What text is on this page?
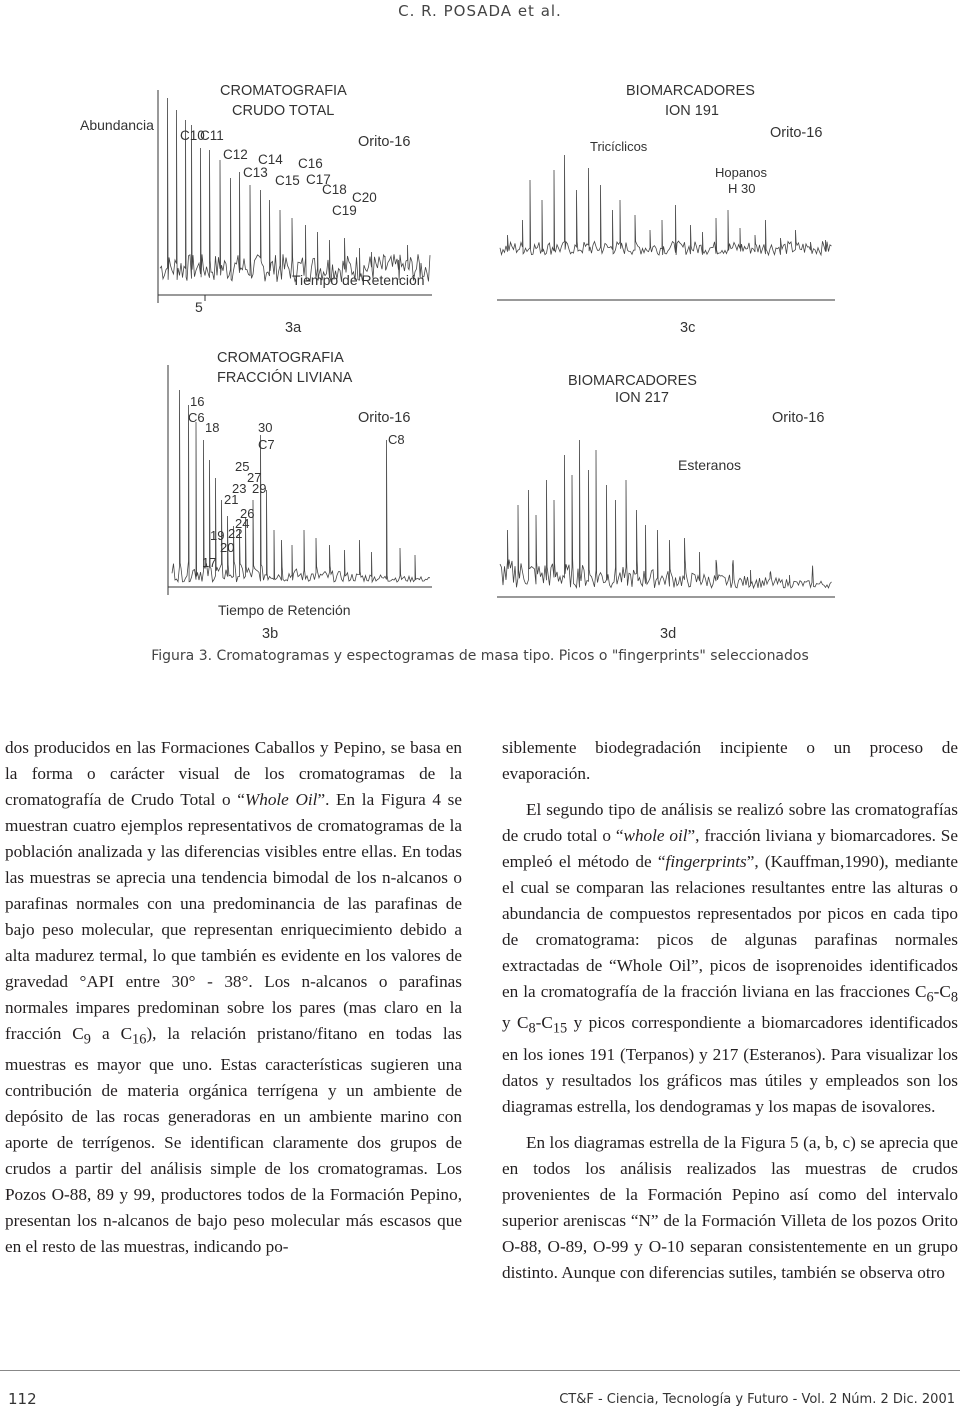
C. R. POSADA et al.
Abundancia
CROMATOGRAFIA
CRUDO TOTAL
Orito-16
Tiempo de Retención
5
3a
C10
C11
C12
C13
C14
C15
C16
C17
C18
C19
C20
BIOMARCADORES
ION 191
Orito-16
Tricíclicos
Hopanos
H 30
3c
CROMATOGRAFIA
FRACCIÓN LIVIANA
Orito-16
Tiempo de Retención
3b
16
C6
18	30
C7	C8
25
27
23 29
21
26
24
22
19
20
17
BIOMARCADORES
ION 217
Orito-16
Esteranos
3d
Figura 3. Cromatogramas y espectogramas de masa tipo. Picos o "fingerprints" seleccionados

dos producidos en las Formaciones Caballos y Pepino, se basa en la forma o carácter visual de los cromatogramas de la cromatografía de Crudo Total o “Whole Oil”. En la Figura 4 se muestran cuatro ejemplos representativos de cromatogramas de la población analizada y las diferencias visibles entre ellas. En todas las muestras se aprecia una tendencia bimodal de los n-alcanos o parafinas normales con una predominancia de las parafinas de bajo peso molecular, que representan enriquecimiento debido a alta madurez termal, lo que también es evidente en los valores de gravedad °API entre 30° - 38°. Los n-alcanos o parafinas normales impares predominan sobre los pares (mas claro en la fracción $C_9$ a $C_{16}$), la relación pristano/fitano en todas las muestras es mayor que uno. Estas características sugieren una contribución de materia orgánica terrígena y un ambiente de depósito de las rocas generadoras en un ambiente marino con aporte de terrígenos. Se identifican claramente dos grupos de crudos a partir del análisis simple de los cromatogramas. Los Pozos O-88, 89 y 99, productores todos de la Formación Pepino, presentan los n-alcanos de bajo peso molecular más escasos que en el resto de las muestras, indicando po-

siblemente biodegradación incipiente o un proceso de evaporación.

El segundo tipo de análisis se realizó sobre las cromatografías de crudo total o “whole oil”, fracción liviana y biomarcadores. Se empleó el método de “fingerprints”, (Kauffman,1990), mediante el cual se comparan las relaciones resultantes entre las alturas o abundancia de compuestos representados por picos en cada tipo de cromatograma: picos de algunas parafinas normales extractadas de “Whole Oil”, picos de isoprenoides identificados en la cromatografía de la fracción liviana en las fracciones $C_6-C_8$ y $C_8-C_{15}$ y picos correspondiente a biomarcadores identificados en los iones 191 (Terpanos) y 217 (Esteranos). Para visualizar los datos y resultados los gráficos mas útiles y empleados son los diagramas estrella, los dendogramas y los mapas de isovalores.

En los diagramas estrella de la Figura 5 (a, b, c) se aprecia que en todos los análisis realizados las muestras de crudos provenientes de la Formación Pepino así como del intervalo superior areniscas “N” de la Formación Villeta de los pozos Orito O-88, O-89, O-99 y O-10 separan consistentemente en un grupo distinto. Aunque con diferencias sutiles, también se observa otro

112	CT&F - Ciencia, Tecnología y Futuro - Vol. 2 Núm. 2 Dic. 2001
